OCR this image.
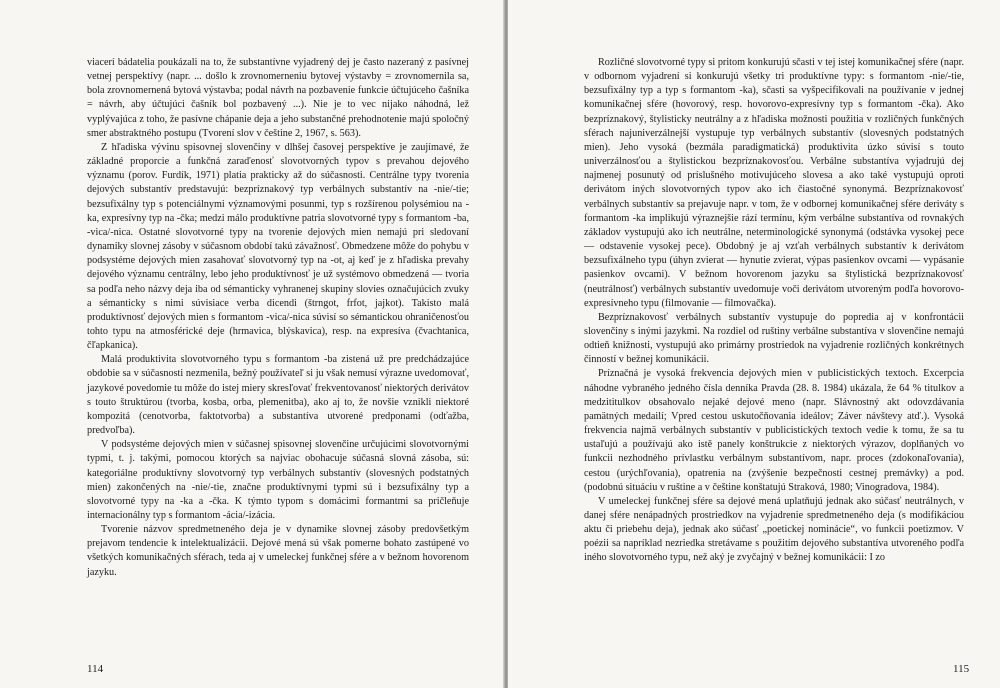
viacerí bádatelia poukázali na to, že substantívne vyjadrený dej je často nazeraný z pasívnej vetnej perspektívy (napr. ... došlo k zrovnomerneniu bytovej výstavby = zrovnomernila sa, bola zrovnomernená bytová výstavba; podal návrh na pozbavenie funkcie účtujúceho čašníka = návrh, aby účtujúci čašník bol pozbavený ...). Nie je to vec nijako náhodná, lež vyplývajúca z toho, že pasívne chápanie deja a jeho substančné prehodnotenie majú spoločný smer abstraktného postupu (Tvorení slov v češtine 2, 1967, s. 563).

Z hľadiska vývinu spisovnej slovenčiny v dlhšej časovej perspektíve je zaujímavé, že základné proporcie a funkčná zaraďenosť slovotvorných typov s prevahou dejového významu (porov. Furdík, 1971) platia prakticky až do súčasnosti. Centrálne typy tvorenia dejových substantív predstavujú: bezpríznakový typ verbálnych substantív na -nie/-tie; bezsufixálny typ s potenciálnymi významovými posunmi, typ s rozšírenou polysémiou na -ka, expresívny typ na -čka; medzi málo produktívne patria slovotvorné typy s formantom -ba, -vica/-nica. Ostatné slovotvorné typy na tvorenie dejových mien nemajú pri sledovaní dynamiky slovnej zásoby v súčasnom období takú závažnosť. Obmedzene môže do pohybu v podsystéme dejových mien zasahovať slovotvorný typ na -ot, aj keď je z hľadiska prevahy dejového významu centrálny, lebo jeho produktívnosť je už systémovo obmedzená — tvoria sa podľa neho názvy deja iba od sémanticky vyhranenej skupiny slovies označujúcich zvuky a sémanticky s nimi súvisiace verba dicendi (štrngot, frfot, jajkot). Takisto malá produktívnosť dejových mien s formantom -vica/-nica súvisí so sémantickou ohraničenosťou tohto typu na atmosférické deje (hrmavica, blýskavica), resp. na expresíva (čvachtanica, čľapkanica).

Malá produktivita slovotvorného typu s formantom -ba zistená už pre predchádzajúce obdobie sa v súčasnosti nezmenila, bežný používateľ si ju však nemusí výrazne uvedomovať, jazykové povedomie tu môže do istej miery skresľovať frekventovanosť niektorých derivátov s touto štruktúrou (tvorba, kosba, orba, plemenitba), ako aj to, že novšie vznikli niektoré kompozitá (cenotvorba, faktotvorba) a substantíva utvorené predponami (odťažba, predvoľba).

V podsystéme dejových mien v súčasnej spisovnej slovenčine určujúcimi slovotvornými typmi, t. j. takými, pomocou ktorých sa najviac obohacuje súčasná slovná zásoba, sú: kategoriálne produktívny slovotvorný typ verbálnych substantív (slovesných podstatných mien) zakončených na -nie/-tie, značne produktívnymi typmi sú i bezsufixálny typ a slovotvorné typy na -ka a -čka. K týmto typom s domácimi formantmi sa pričleňuje internacionálny typ s formantom -ácia/-izácia.

Tvorenie názvov spredmetneného deja je v dynamike slovnej zásoby predovšetkým prejavom tendencie k intelektualizácii. Dejové mená sú však pomerne bohato zastúpené vo všetkých komunikačných sférach, teda aj v umeleckej funkčnej sfére a v bežnom hovorenom jazyku.

114

Rozličné slovotvorné typy si pritom konkurujú sčasti v tej istej komunikačnej sfére (napr. v odbornom vyjadrení si konkurujú všetky tri produktívne typy: s formantom -nie/-tie, bezsufixálny typ a typ s formantom -ka), sčasti sa vyšpecifikovali na používanie v jednej komunikačnej sfére (hovorový, resp. hovorovo-expresívny typ s formantom -čka). Ako bezpríznakový, štylisticky neutrálny a z hľadiska možnosti použitia v rozličných funkčných sférach najuniverzálnejší vystupuje typ verbálnych substantív (slovesných podstatných mien). Jeho vysoká (bezmála paradigmatická) produktivita úzko súvisí s touto univerzálnosťou a štylistickou bezpríznakovosťou. Verbálne substantíva vyjadrujú dej najmenej posunutý od príslušného motivujúceho slovesa a ako také vystupujú oproti derivátom iných slovotvorných typov ako ich čiastočné synonymá. Bezpríznakovosť verbálnych substantív sa prejavuje napr. v tom, že v odbornej komunikačnej sfére deriváty s formantom -ka implikujú výraznejšie rází termínu, kým verbálne substantíva od rovnakých základov vystupujú ako ich neutrálne, neterminologické synonymá (odstávka vysokej pece — odstavenie vysokej pece). Obdobný je aj vzťah verbálnych substantív k derivátom bezsufixálneho typu (úhyn zvierat — hynutie zvierat, výpas pasienkov ovcami — vypásanie pasienkov ovcami). V bežnom hovorenom jazyku sa štylistická bezpríznakovosť (neutrálnosť) verbálnych substantív uvedomuje voči derivátom utvoreným podľa hovorovo-expresívneho typu (filmovanie — filmovačka).

Bezpríznakovosť verbálnych substantív vystupuje do popredia aj v konfrontácii slovenčiny s inými jazykmi. Na rozdiel od ruštiny verbálne substantíva v slovenčine nemajú odtieň knižnosti, vystupujú ako primárny prostriedok na vyjadrenie rozličných konkrétnych činností v bežnej komunikácii.

Príznačná je vysoká frekvencia dejových mien v publicistických textoch. Excerpcia náhodne vybraného jedného čísla denníka Pravda (28. 8. 1984) ukázala, že 64 % titulkov a medzititulkov obsahovalo nejaké dejové meno (napr. Slávnostný akt odovzdávania pamätných medailí; Vpred cestou uskutočňovania ideálov; Záver návštevy atď.). Vysoká frekvencia najmä verbálnych substantív v publicistických textoch vedie k tomu, že sa tu ustaľujú a používajú ako istě panely konštrukcie z niektorých výrazov, doplňaných vo funkcii nezhodného prívlastku verbálnym substantívom, napr. proces (zdokonaľovania), cestou (urýchľovania), opatrenia na (zvýšenie bezpečnosti cestnej premávky) a pod. (podobnú situáciu v ruštine a v češtine konštatujú Straková, 1980; Vinogradova, 1984).

V umeleckej funkčnej sfére sa dejové mená uplatňujú jednak ako súčasť neutrálnych, v danej sfére nenápadných prostriedkov na vyjadrenie spredmetneného deja (s modifikáciou aktu či priebehu deja), jednak ako súčasť „poetickej nominácie“, vo funkcii poetizmov. V poézii sa napríklad nezriedka stretávame s použitím dejového substantíva utvoreného podľa iného slovotvorného typu, než aký je zvyčajný v bežnej komunikácii: I zo

115
